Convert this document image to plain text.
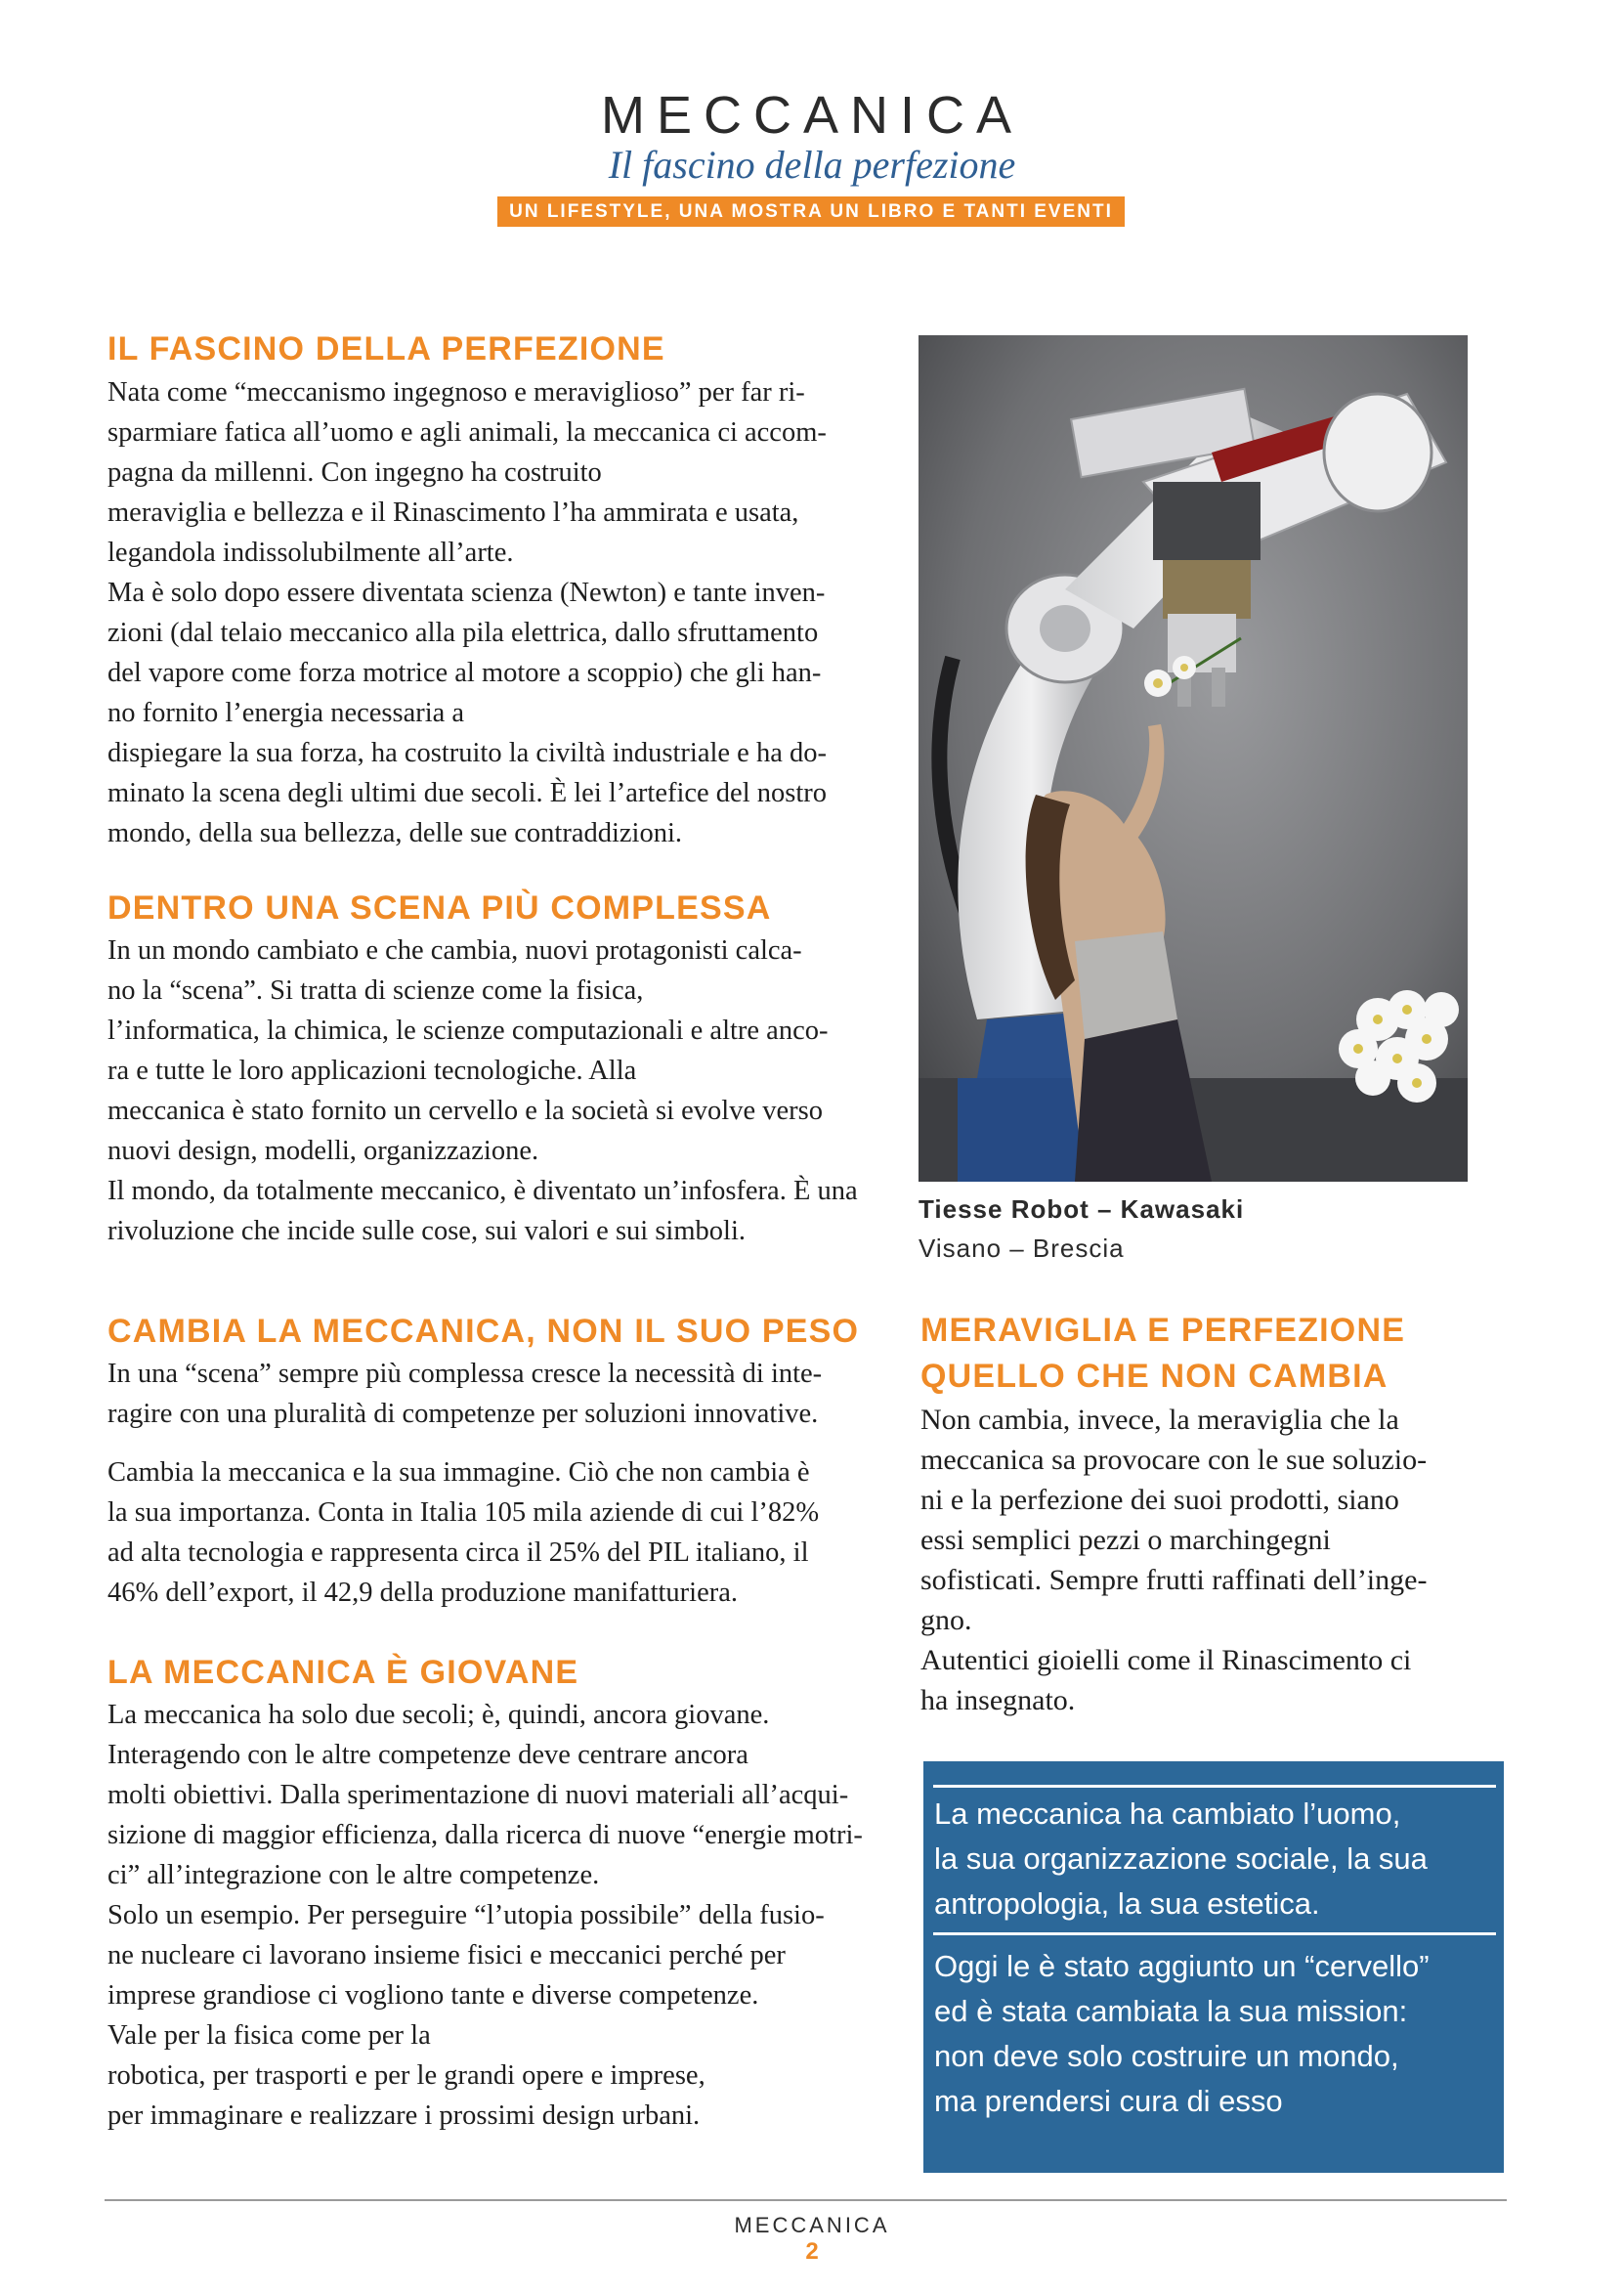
MECCANICA
Il fascino della perfezione
UN LIFESTYLE, UNA MOSTRA UN LIBRO E TANTI EVENTI
IL FASCINO DELLA PERFEZIONE

Nata come “meccanismo ingegnoso e meraviglioso” per far ri-
sparmiare fatica all’uomo e agli animali, la meccanica ci accom-
pagna da millenni. Con ingegno ha costruito
meraviglia e bellezza e il Rinascimento l’ha ammirata e usata,
legandola indissolubilmente all’arte.
Ma è solo dopo essere diventata scienza (Newton) e tante inven-
zioni (dal telaio meccanico alla pila elettrica, dallo sfruttamento
del vapore come forza motrice al motore a scoppio) che gli han-
no fornito l’energia necessaria a
dispiegare la sua forza, ha costruito la civiltà industriale e ha do-
minato la scena degli ultimi due secoli. È lei l’artefice del nostro
mondo, della sua bellezza, delle sue contraddizioni.

DENTRO UNA SCENA PIÙ COMPLESSA

In un mondo cambiato e che cambia, nuovi protagonisti calca-
no la “scena”. Si tratta di scienze come la fisica,
l’informatica, la chimica, le scienze computazionali e altre anco-
ra e tutte le loro applicazioni tecnologiche. Alla
meccanica è stato fornito un cervello e la società si evolve verso
nuovi design, modelli, organizzazione.
Il mondo, da totalmente meccanico, è diventato un’infosfera. È una
rivoluzione che incide sulle cose, sui valori e sui simboli.

CAMBIA LA MECCANICA, NON IL SUO PESO

In una “scena” sempre più complessa cresce la necessità di inte-
ragire con una pluralità di competenze per soluzioni innovative.

Cambia la meccanica e la sua immagine. Ciò che non cambia è
la sua importanza. Conta in Italia 105 mila aziende di cui l’82%
ad alta tecnologia e rappresenta circa il 25% del PIL italiano, il
46% dell’export, il 42,9 della produzione manifatturiera.

LA MECCANICA È GIOVANE

La meccanica ha solo due secoli; è, quindi, ancora giovane.
Interagendo con le altre competenze deve centrare ancora
molti obiettivi. Dalla sperimentazione di nuovi materiali all’acqui-
sizione di maggior efficienza, dalla ricerca di nuove “energie motri-
ci” all’integrazione con le altre competenze.
Solo un esempio. Per perseguire “l’utopia possibile” della fusio-
ne nucleare ci lavorano insieme fisici e meccanici perché per
imprese grandiose ci vogliono tante e diverse competenze.
Vale per la fisica come per la
robotica, per trasporti e per le grandi opere e imprese,
per immaginare e realizzare i prossimi design urbani.

Tiesse Robot – Kawasaki
Visano – Brescia
MERAVIGLIA E PERFEZIONE
QUELLO CHE NON CAMBIA

Non cambia, invece, la meraviglia che la
meccanica sa provocare con le sue soluzio-
ni e la perfezione dei suoi prodotti, siano
essi semplici pezzi o marchingegni
sofisticati. Sempre frutti raffinati dell’inge-
gno.
Autentici gioielli come il Rinascimento ci
ha insegnato.

La meccanica ha cambiato l’uomo,
la sua organizzazione sociale, la sua
antropologia, la sua estetica.

Oggi le è stato aggiunto un “cervello”
ed è stata cambiata la sua mission:
non deve solo costruire un mondo,
ma prendersi cura di esso

MECCANICA
2
